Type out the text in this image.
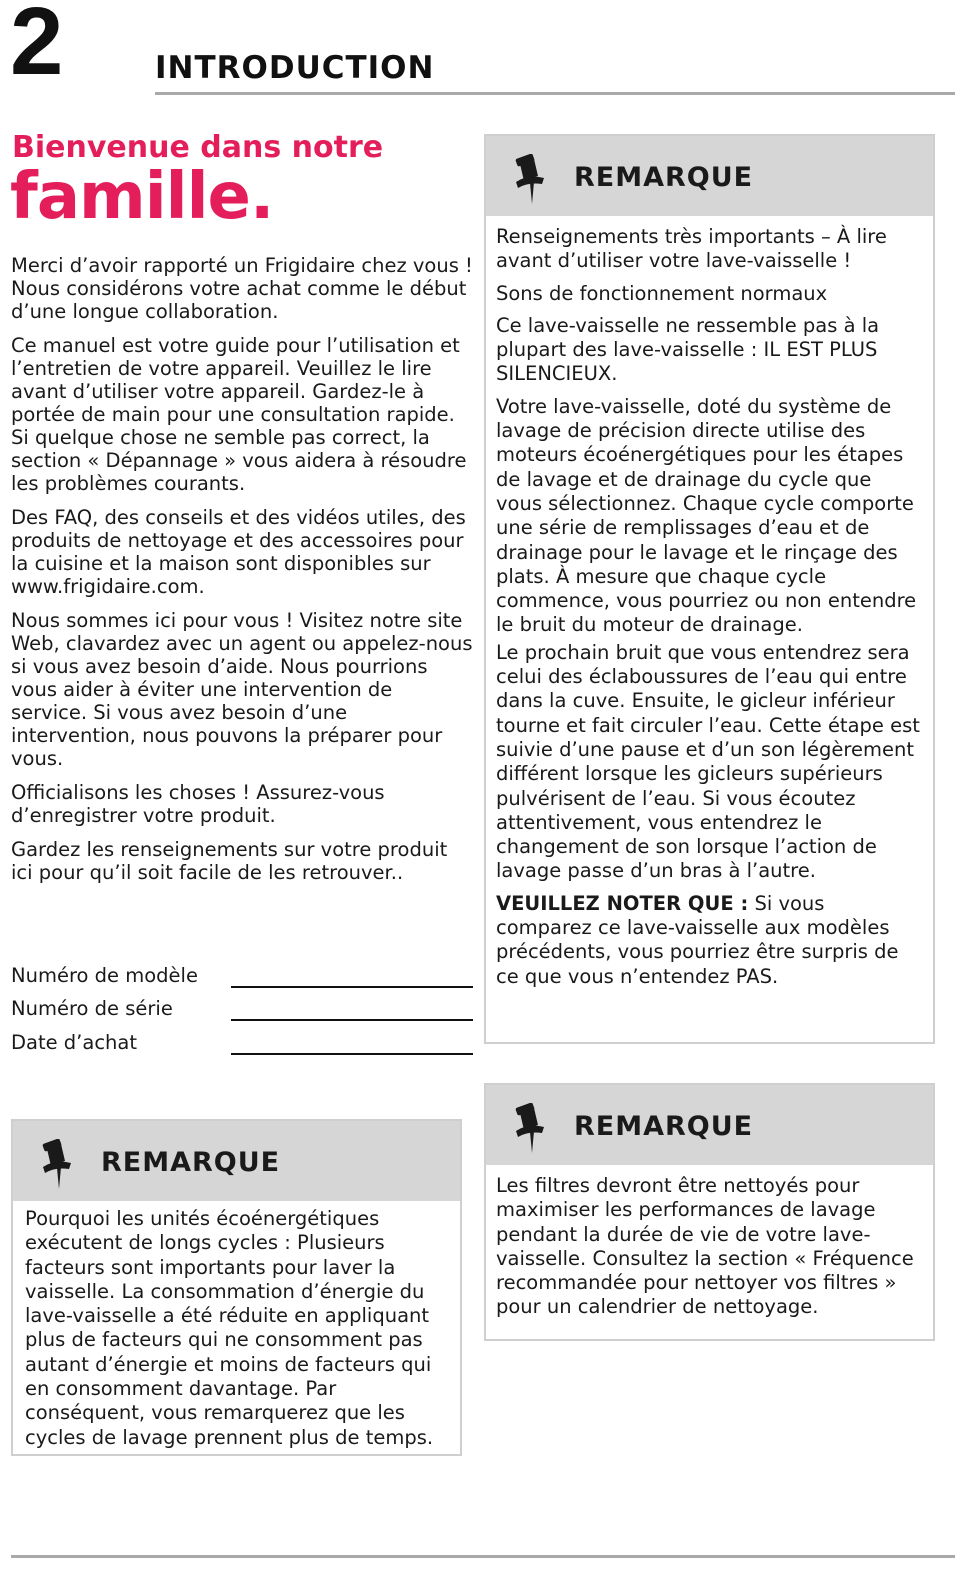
2	INTRODUCTION
Bienvenue dans notre
famille.

Merci d’avoir rapporté un Frigidaire chez vous ! Nous considérons votre achat comme le début d’une longue collaboration.

Ce manuel est votre guide pour l’utilisation et l’entretien de votre appareil. Veuillez le lire avant d’utiliser votre appareil. Gardez-le à portée de main pour une consultation rapide. Si quelque chose ne semble pas correct, la section « Dépannage » vous aidera à résoudre les problèmes courants.

Des FAQ, des conseils et des vidéos utiles, des produits de nettoyage et des accessoires pour la cuisine et la maison sont disponibles sur www.frigidaire.com.

Nous sommes ici pour vous ! Visitez notre site Web, clavardez avec un agent ou appelez-nous si vous avez besoin d’aide. Nous pourrions vous aider à éviter une intervention de service. Si vous avez besoin d’une intervention, nous pouvons la préparer pour vous.

Officialisons les choses ! Assurez-vous d’enregistrer votre produit.

Gardez les renseignements sur votre produit ici pour qu’il soit facile de les retrouver..

Numéro de modèle
Numéro de série
Date d’achat
REMARQUE

Renseignements très importants – À lire avant d’utiliser votre lave-vaisselle !

Sons de fonctionnement normaux

Ce lave-vaisselle ne ressemble pas à la plupart des lave-vaisselle : IL EST PLUS SILENCIEUX.

Votre lave-vaisselle, doté du système de lavage de précision directe utilise des moteurs écoénergétiques pour les étapes de lavage et de drainage du cycle que vous sélectionnez. Chaque cycle comporte une série de remplissages d’eau et de drainage pour le lavage et le rinçage des plats. À mesure que chaque cycle commence, vous pourriez ou non entendre le bruit du moteur de drainage.

Le prochain bruit que vous entendrez sera celui des éclaboussures de l’eau qui entre dans la cuve. Ensuite, le gicleur inférieur tourne et fait circuler l’eau. Cette étape est suivie d’une pause et d’un son légèrement différent lorsque les gicleurs supérieurs pulvérisent de l’eau. Si vous écoutez attentivement, vous entendrez le changement de son lorsque l’action de lavage passe d’un bras à l’autre.

VEUILLEZ NOTER QUE : Si vous comparez ce lave-vaisselle aux modèles précédents, vous pourriez être surpris de ce que vous n’entendez PAS.

REMARQUE

Les filtres devront être nettoyés pour maximiser les performances de lavage pendant la durée de vie de votre lave-vaisselle. Consultez la section « Fréquence recommandée pour nettoyer vos filtres » pour un calendrier de nettoyage.

REMARQUE

Pourquoi les unités écoénergétiques exécutent de longs cycles : Plusieurs facteurs sont importants pour laver la vaisselle. La consommation d’énergie du lave-vaisselle a été réduite en appliquant plus de facteurs qui ne consomment pas autant d’énergie et moins de facteurs qui en consomment davantage. Par conséquent, vous remarquerez que les cycles de lavage prennent plus de temps.
